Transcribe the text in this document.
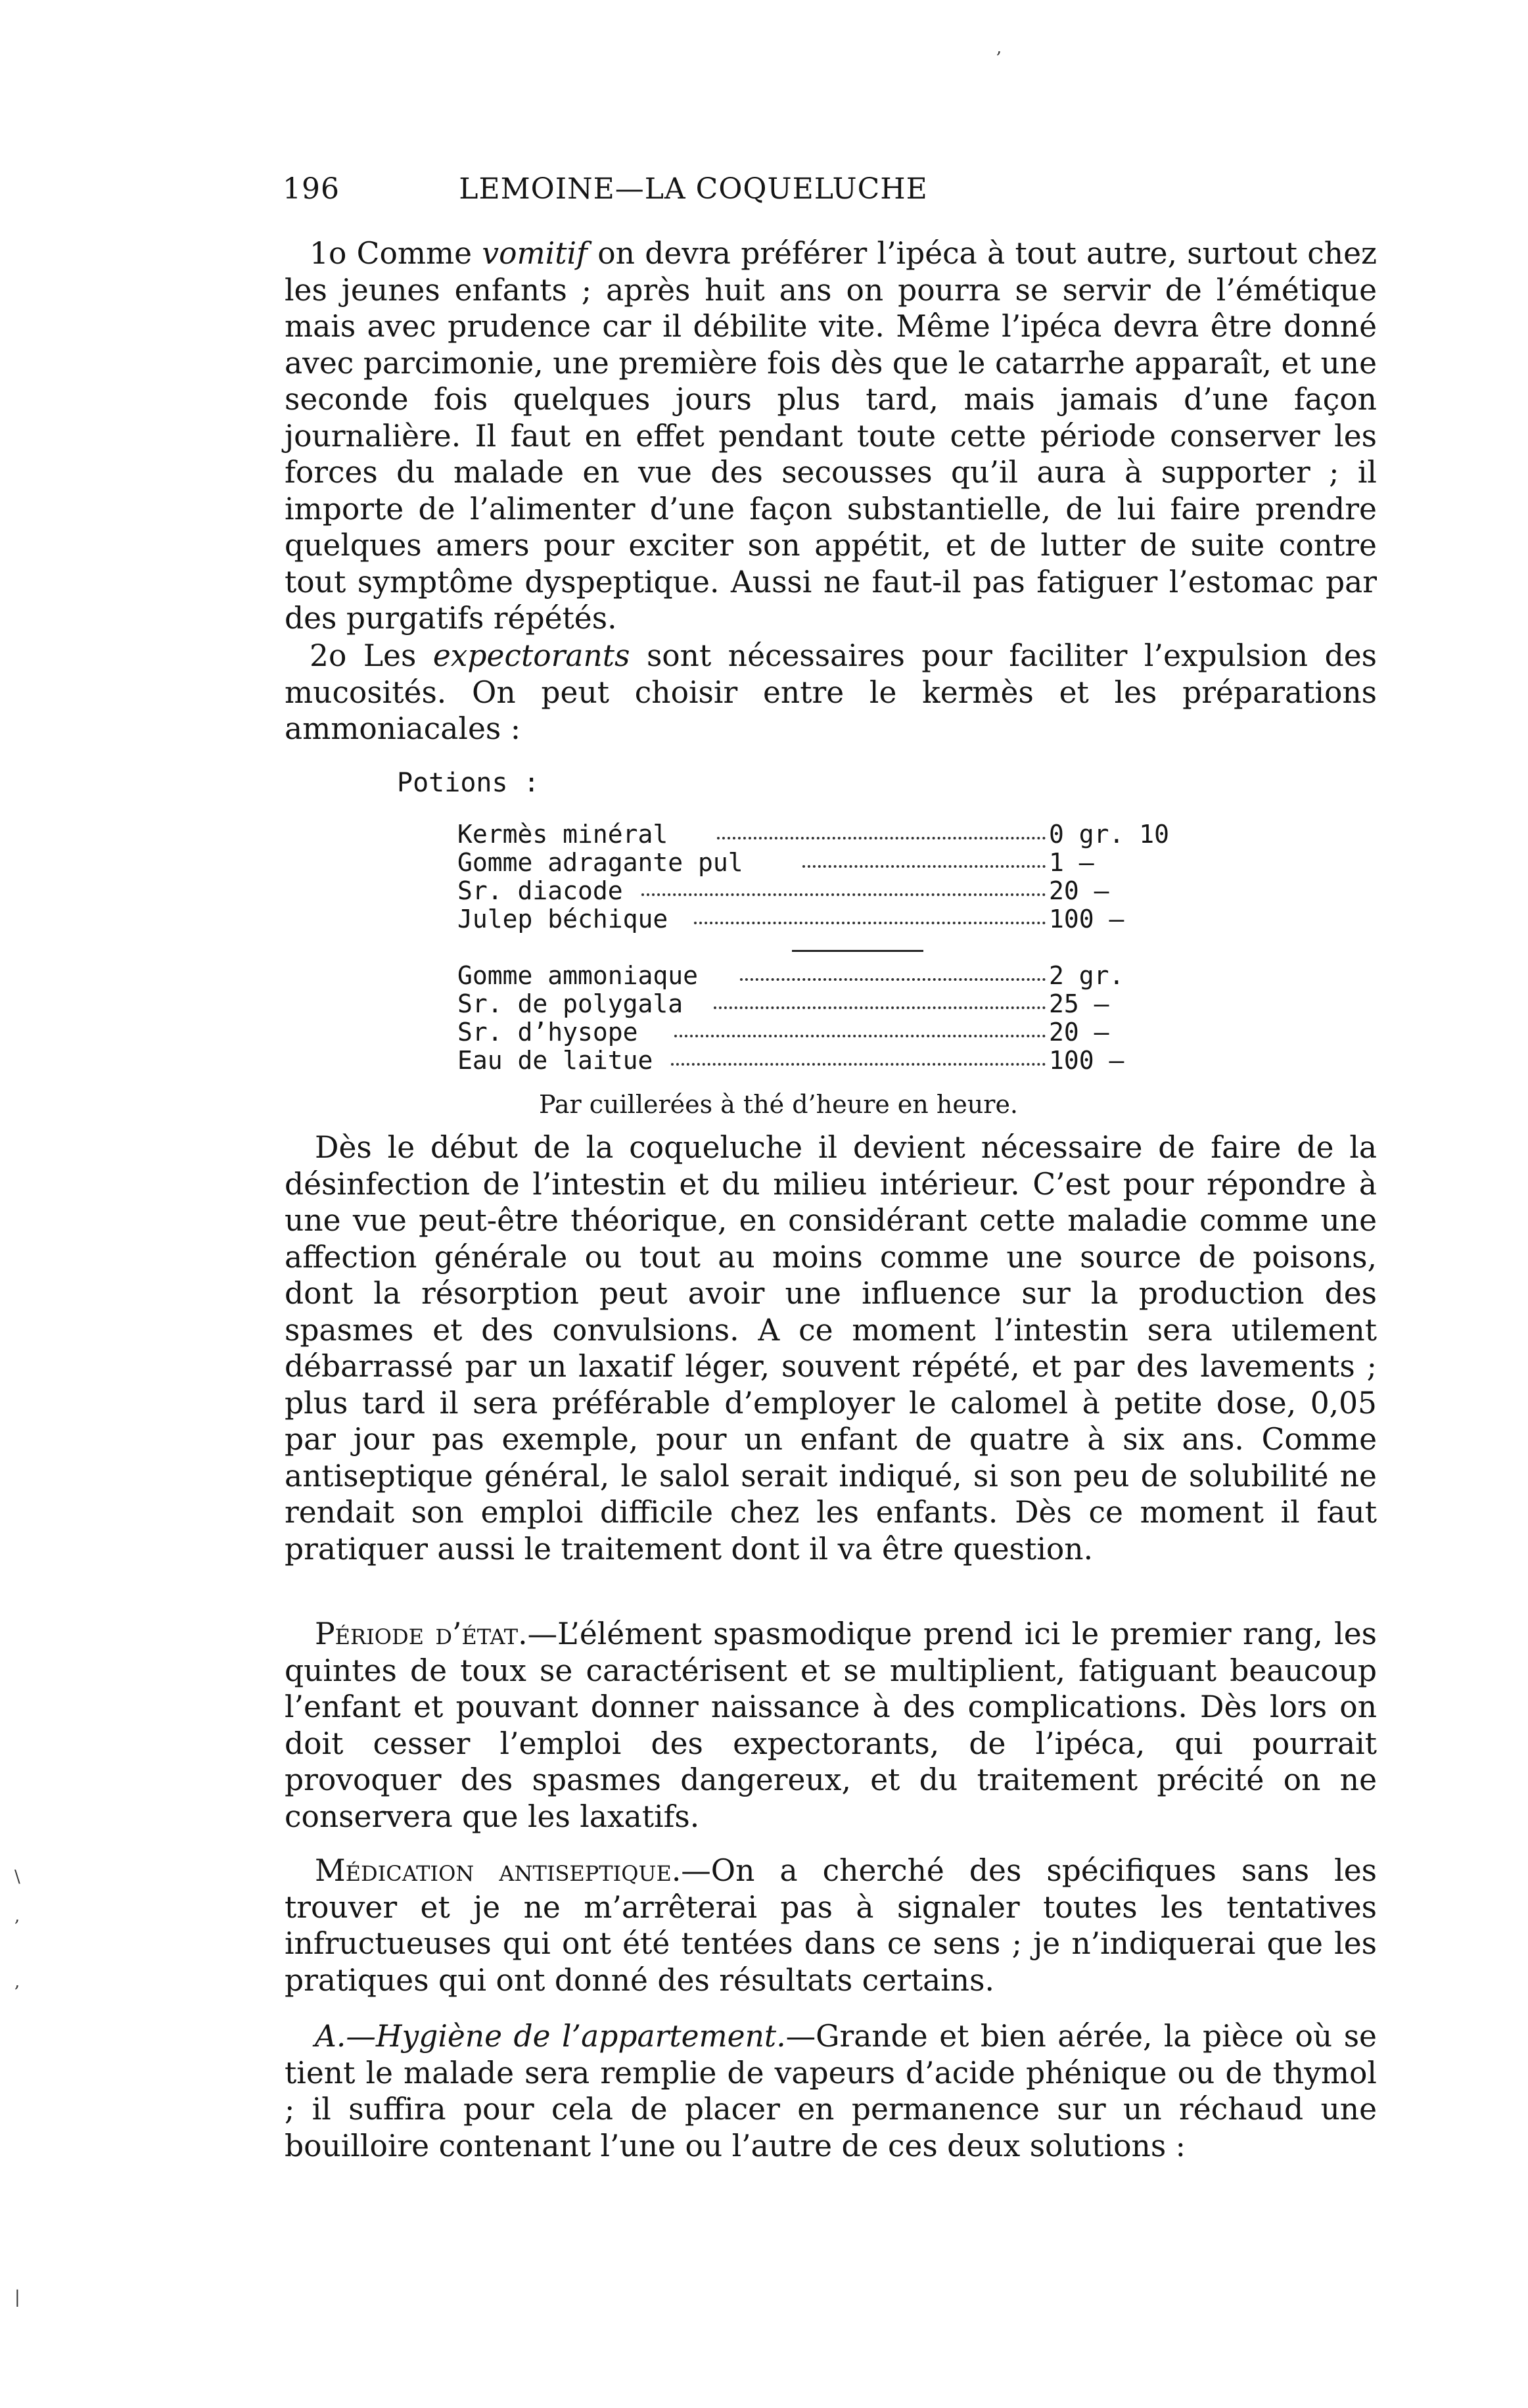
,
196	LEMOINE—LA COQUELUCHE

1o Comme vomitif on devra préférer l’ipéca à tout autre, surtout chez les jeunes enfants ; après huit ans on pourra se servir de l’émétique mais avec prudence car il débilite vite. Même l’ipéca devra être donné avec parcimonie, une première fois dès que le catarrhe apparaît, et une seconde fois quelques jours plus tard, mais jamais d’une façon journalière. Il faut en effet pendant toute cette période conserver les forces du malade en vue des secousses qu’il aura à supporter ; il importe de l’alimenter d’une façon substantielle, de lui faire prendre quelques amers pour exciter son appétit, et de lutter de suite contre tout symptôme dyspeptique. Aussi ne faut-il pas fatiguer l’estomac par des purgatifs répétés.

2o Les expectorants sont nécessaires pour faciliter l’expulsion des mucosités. On peut choisir entre le kermès et les préparations ammoniacales :

Potions :
Kermès minéral	0 gr. 10
Gomme adragante pul	1 —
Sr. diacode	20 —
Julep béchique	100 —
Gomme ammoniaque	2 gr.
Sr. de polygala	25 —
Sr. d’hysope	20 —
Eau de laitue	100 —
Par cuillerées à thé d’heure en heure.

Dès le début de la coqueluche il devient nécessaire de faire de la désinfection de l’intestin et du milieu intérieur. C’est pour répondre à une vue peut-être théorique, en considérant cette maladie comme une affection générale ou tout au moins comme une source de poisons, dont la résorption peut avoir une influence sur la production des spasmes et des convulsions. A ce moment l’intestin sera utilement débarrassé par un laxatif léger, souvent répété, et par des lavements ; plus tard il sera préférable d’employer le calomel à petite dose, 0,05 par jour pas exemple, pour un enfant de quatre à six ans. Comme antiseptique général, le salol serait indiqué, si son peu de solubilité ne rendait son emploi difficile chez les enfants. Dès ce moment il faut pratiquer aussi le traitement dont il va être question.

Période d’état.—L’élément spasmodique prend ici le premier rang, les quintes de toux se caractérisent et se multiplient, fatiguant beaucoup l’enfant et pouvant donner naissance à des complications. Dès lors on doit cesser l’emploi des expectorants, de l’ipéca, qui pourrait provoquer des spasmes dangereux, et du traitement précité on ne conservera que les laxatifs.

Médication antiseptique.—On a cherché des spécifiques sans les trouver et je ne m’arrêterai pas à signaler toutes les tentatives infructueuses qui ont été tentées dans ce sens ; je n’indiquerai que les pratiques qui ont donné des résultats certains.

A.—Hygiène de l’appartement.—Grande et bien aérée, la pièce où se tient le malade sera remplie de vapeurs d’acide phénique ou de thymol ; il suffira pour cela de placer en permanence sur un réchaud une bouilloire contenant l’une ou l’autre de ces deux solutions :

\
,
,
|
